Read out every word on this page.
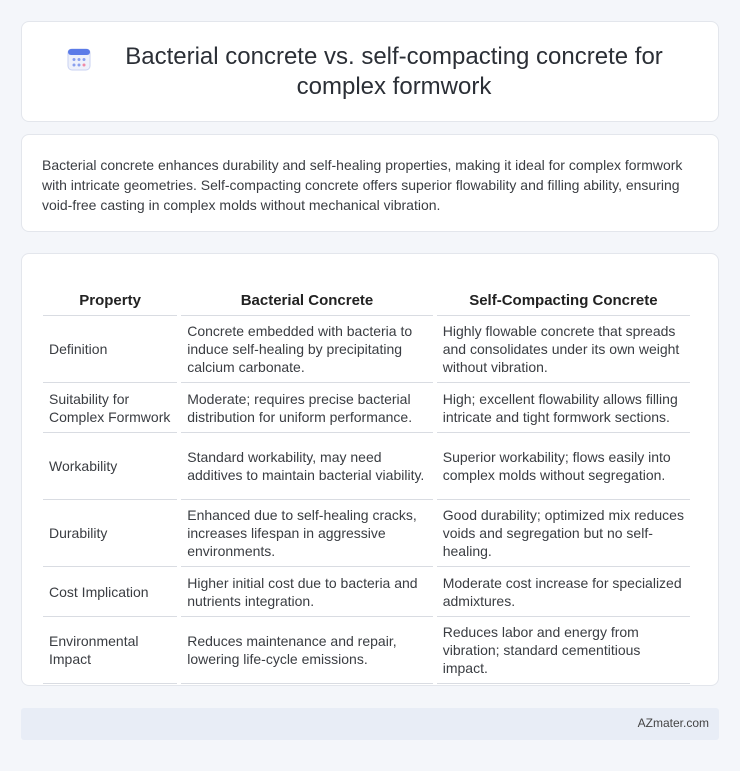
Bacterial concrete vs. self-compacting concrete for complex formwork

Bacterial concrete enhances durability and self-healing properties, making it ideal for complex formwork with intricate geometries. Self-compacting concrete offers superior flowability and filling ability, ensuring void-free casting in complex molds without mechanical vibration.

Property	Bacterial Concrete	Self-Compacting Concrete
Definition	Concrete embedded with bacteria to induce self-healing by precipitating calcium carbonate.	Highly flowable concrete that spreads and consolidates under its own weight without vibration.
Suitability for Complex Formwork	Moderate; requires precise bacterial distribution for uniform performance.	High; excellent flowability allows filling intricate and tight formwork sections.
Workability	Standard workability, may need additives to maintain bacterial viability.	Superior workability; flows easily into complex molds without segregation.
Durability	Enhanced due to self-healing cracks, increases lifespan in aggressive environments.	Good durability; optimized mix reduces voids and segregation but no self-healing.
Cost Implication	Higher initial cost due to bacteria and nutrients integration.	Moderate cost increase for specialized admixtures.
Environmental Impact	Reduces maintenance and repair, lowering life-cycle emissions.	Reduces labor and energy from vibration; standard cementitious impact.
AZmater.com
